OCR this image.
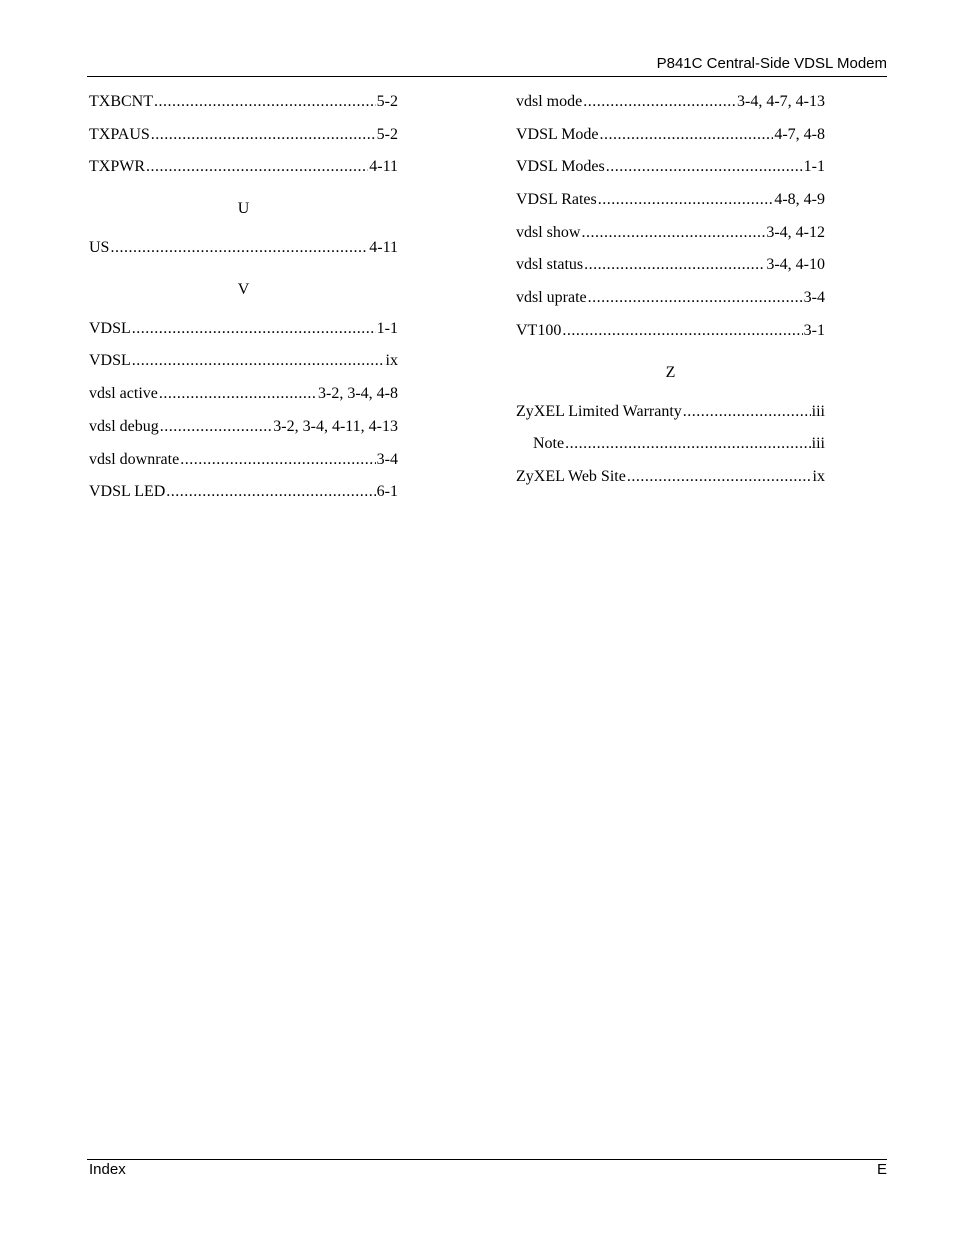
P841C Central-Side VDSL Modem
TXBCNT .....	5-2
TXPAUS .....	5-2
TXPWR .....	4-11
U
US .....	4-11
V
VDSL .....	1-1
VDSL .....	ix
vdsl active .....	3-2, 3-4, 4-8
vdsl debug .....	3-2, 3-4, 4-11, 4-13
vdsl downrate .....	3-4
VDSL LED .....	6-1
vdsl mode .....	3-4, 4-7, 4-13
VDSL Mode .....	4-7, 4-8
VDSL Modes .....	1-1
VDSL Rates .....	4-8, 4-9
vdsl show .....	3-4, 4-12
vdsl status .....	3-4, 4-10
vdsl uprate .....	3-4
VT100 .....	3-1
Z
ZyXEL Limited Warranty .....	iii
Note .....	iii
ZyXEL Web Site .....	ix
Index	E
